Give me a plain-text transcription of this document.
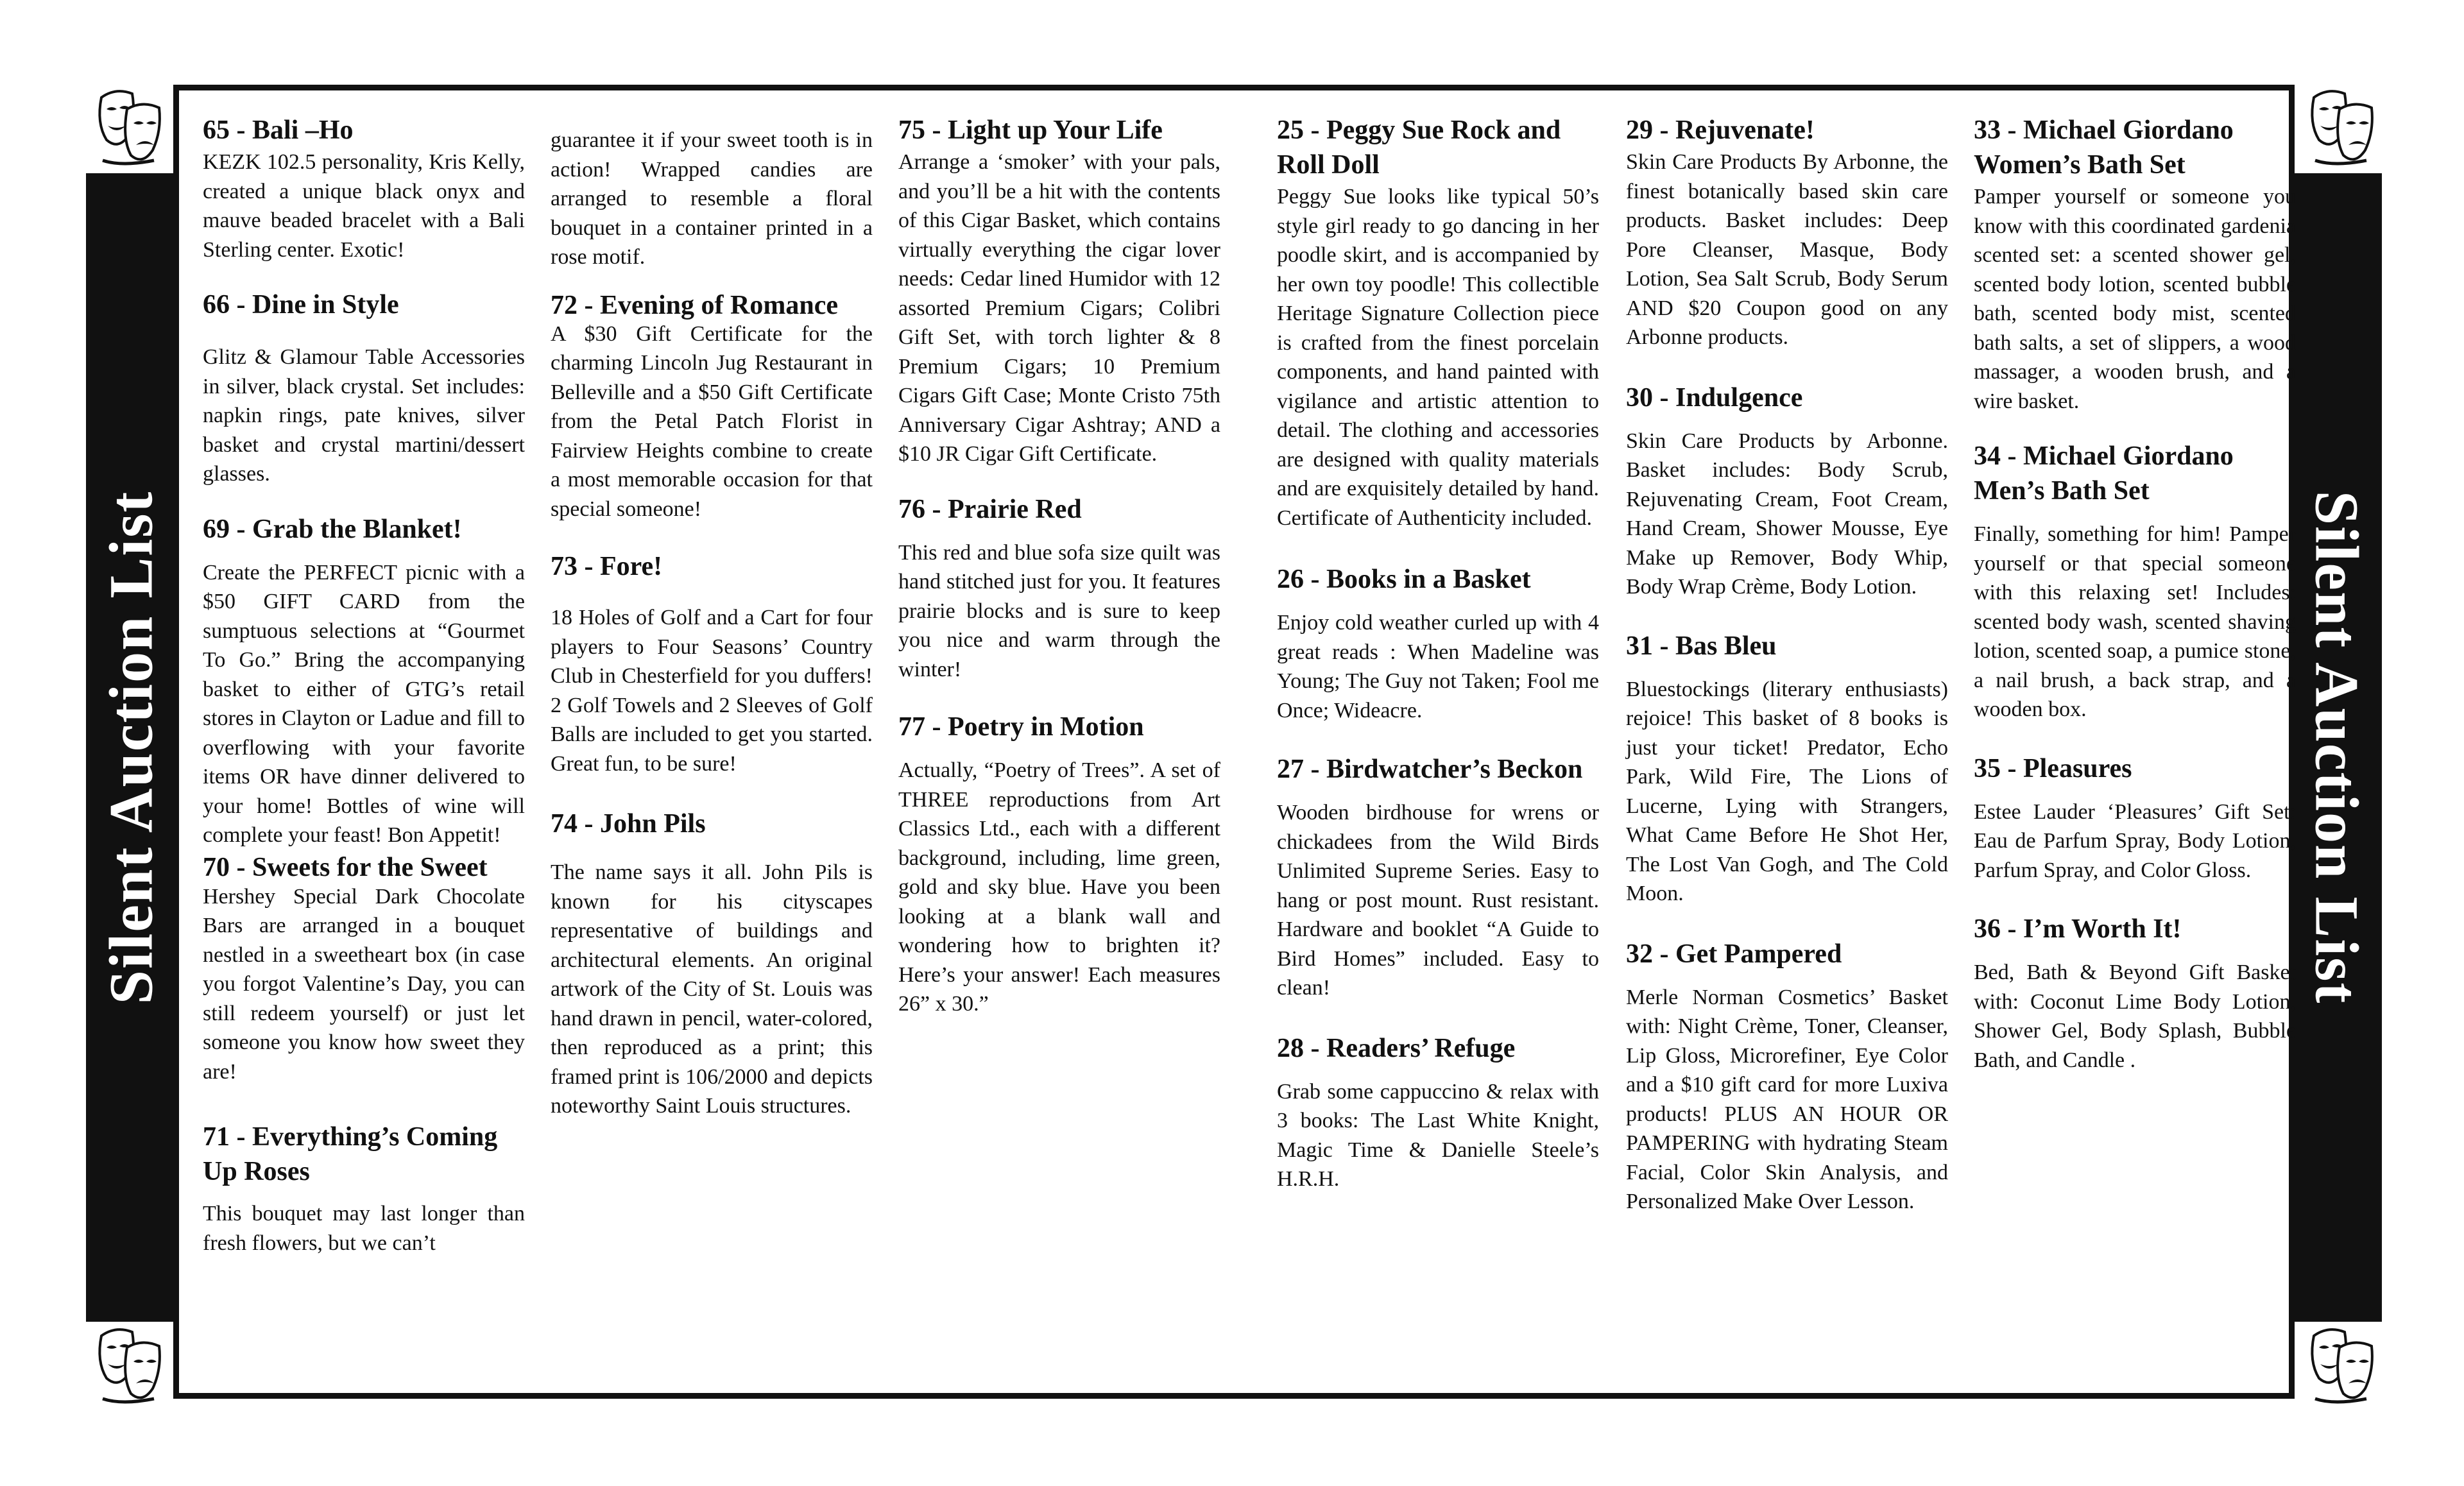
Silent Auction List	Silent Auction List
65 - Bali –Ho

KEZK 102.5 personality, Kris Kelly, created a unique black onyx and mauve beaded bracelet with a Bali Sterling center. Exotic!

66 - Dine in Style

Glitz & Glamour Table Accessories in silver, black crystal. Set includes: napkin rings, pate knives, silver basket and crystal martini/dessert glasses.

69 - Grab the Blanket!

Create the PERFECT picnic with a $50 GIFT CARD from the sumptuous selections at “Gourmet To Go.” Bring the accompanying basket to either of GTG’s retail stores in Clayton or Ladue and fill to overflowing with your favorite items OR have dinner delivered to your home! Bottles of wine will complete your feast! Bon Appetit!

70 - Sweets for the Sweet

Hershey Special Dark Chocolate Bars are arranged in a bouquet nestled in a sweetheart box (in case you forgot Valentine’s Day, you can still redeem yourself) or just let someone you know how sweet they are!

71 - Everything’s Coming Up Roses

This bouquet may last longer than fresh flowers, but we can’t

guarantee it if your sweet tooth is in action! Wrapped candies are arranged to resemble a floral bouquet in a container printed in a rose motif.

72 - Evening of Romance

A $30 Gift Certificate for the charming Lincoln Jug Restaurant in Belleville and a $50 Gift Certificate from the Petal Patch Florist in Fairview Heights combine to create a most memorable occasion for that special someone!

73 - Fore!

18 Holes of Golf and a Cart for four players to Four Seasons’ Country Club in Chesterfield for you duffers! 2 Golf Towels and 2 Sleeves of Golf Balls are included to get you started. Great fun, to be sure!

74 - John Pils

The name says it all. John Pils is known for his cityscapes representative of buildings and architectural elements. An original artwork of the City of St. Louis was hand drawn in pencil, water-colored, then reproduced as a print; this framed print is 106/2000 and depicts noteworthy Saint Louis structures.

75 - Light up Your Life

Arrange a ‘smoker’ with your pals, and you’ll be a hit with the contents of this Cigar Basket, which contains virtually everything the cigar lover needs: Cedar lined Humidor with 12 assorted Premium Cigars; Colibri Gift Set, with torch lighter & 8 Premium Cigars; 10 Premium Cigars Gift Case; Monte Cristo 75th Anniversary Cigar Ashtray; AND a $10 JR Cigar Gift Certificate.

76 - Prairie Red

This red and blue sofa size quilt was hand stitched just for you. It features prairie blocks and is sure to keep you nice and warm through the winter!

77 - Poetry in Motion

Actually, “Poetry of Trees”. A set of THREE reproductions from Art Classics Ltd., each with a different background, including, lime green, gold and sky blue. Have you been looking at a blank wall and wondering how to brighten it? Here’s your answer! Each measures 26” x 30.”

25 - Peggy Sue Rock and Roll Doll

Peggy Sue looks like typical 50’s style girl ready to go dancing in her poodle skirt, and is accompanied by her own toy poodle! This collectible Heritage Signature Collection piece is crafted from the finest porcelain components, and hand painted with vigilance and artistic attention to detail. The clothing and accessories are designed with quality materials and are exquisitely detailed by hand. Certificate of Authenticity included.

26 - Books in a Basket

Enjoy cold weather curled up with 4 great reads : When Madeline was Young; The Guy not Taken; Fool me Once; Wideacre.

27 - Birdwatcher’s Beckon

Wooden birdhouse for wrens or chickadees from the Wild Birds Unlimited Supreme Series. Easy to hang or post mount. Rust resistant. Hardware and booklet “A Guide to Bird Homes” included. Easy to clean!

28 - Readers’ Refuge

Grab some cappuccino & relax with 3 books: The Last White Knight, Magic Time & Danielle Steele’s H.R.H.

29 - Rejuvenate!

Skin Care Products By Arbonne, the finest botanically based skin care products. Basket includes: Deep Pore Cleanser, Masque, Body Lotion, Sea Salt Scrub, Body Serum AND $20 Coupon good on any Arbonne products.

30 - Indulgence

Skin Care Products by Arbonne. Basket includes: Body Scrub, Rejuvenating Cream, Foot Cream, Hand Cream, Shower Mousse, Eye Make up Remover, Body Whip, Body Wrap Crème, Body Lotion.

31 - Bas Bleu

Bluestockings (literary enthusiasts) rejoice! This basket of 8 books is just your ticket! Predator, Echo Park, Wild Fire, The Lions of Lucerne, Lying with Strangers, What Came Before He Shot Her, The Lost Van Gogh, and The Cold Moon.

32 - Get Pampered

Merle Norman Cosmetics’ Basket with: Night Crème, Toner, Cleanser, Lip Gloss, Microrefiner, Eye Color and a $10 gift card for more Luxiva products! PLUS AN HOUR OR PAMPERING with hydrating Steam Facial, Color Skin Analysis, and Personalized Make Over Lesson.

33 - Michael Giordano Women’s Bath Set

Pamper yourself or someone you know with this coordinated gardenia scented set: a scented shower gel, scented body lotion, scented bubble bath, scented body mist, scented bath salts, a set of slippers, a wood massager, a wooden brush, and a wire basket.

34 - Michael Giordano Men’s Bath Set

Finally, something for him! Pamper yourself or that special someone with this relaxing set! Includes: scented body wash, scented shaving lotion, scented soap, a pumice stone, a nail brush, a back strap, and a wooden box.

35 - Pleasures

Estee Lauder ‘Pleasures’ Gift Set: Eau de Parfum Spray, Body Lotion, Parfum Spray, and Color Gloss.

36 - I’m Worth It!

Bed, Bath & Beyond Gift Basket with: Coconut Lime Body Lotion, Shower Gel, Body Splash, Bubble Bath, and Candle .
